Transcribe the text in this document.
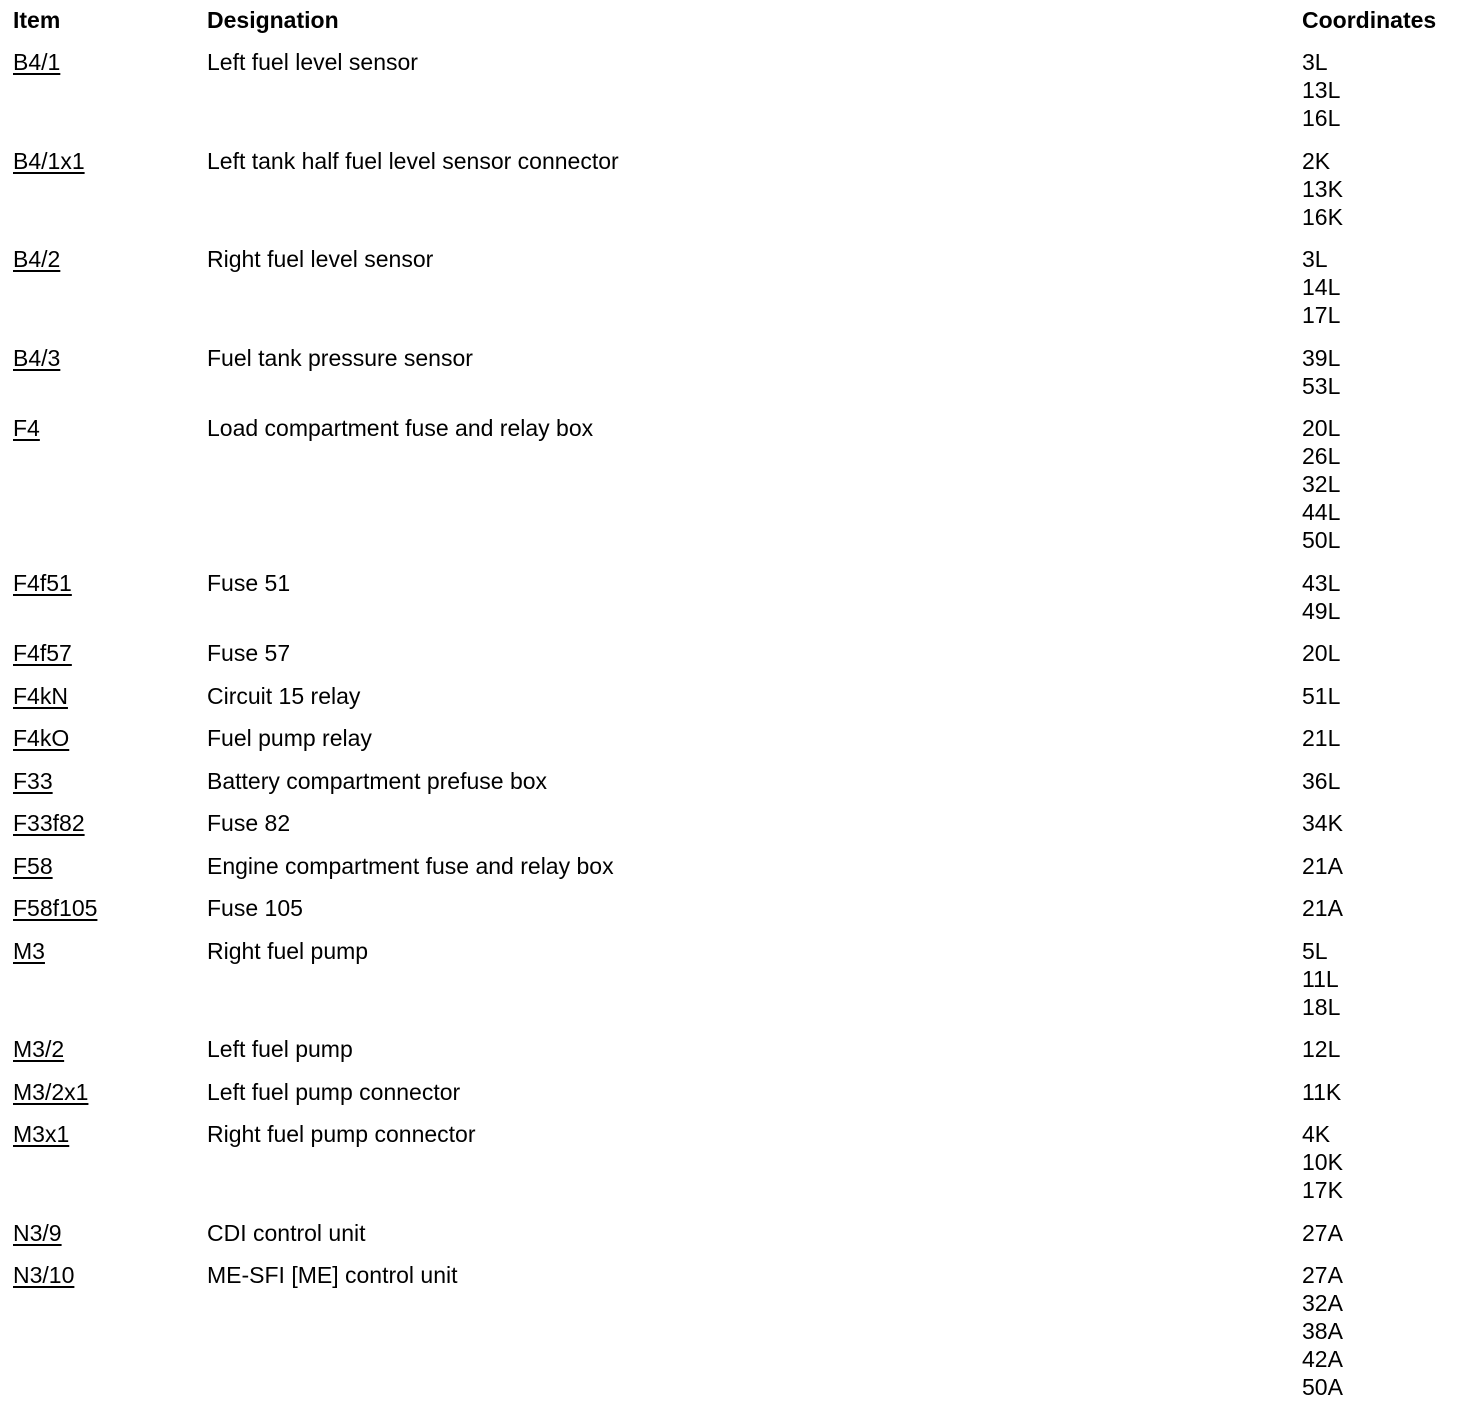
Item	Designation	Coordinates
B4/1	Left fuel level sensor	3L
13L
16L
B4/1x1	Left tank half fuel level sensor connector	2K
13K
16K
B4/2	Right fuel level sensor	3L
14L
17L
B4/3	Fuel tank pressure sensor	39L
53L
F4	Load compartment fuse and relay box	20L
26L
32L
44L
50L
F4f51	Fuse 51	43L
49L
F4f57	Fuse 57	20L
F4kN	Circuit 15 relay	51L
F4kO	Fuel pump relay	21L
F33	Battery compartment prefuse box	36L
F33f82	Fuse 82	34K
F58	Engine compartment fuse and relay box	21A
F58f105	Fuse 105	21A
M3	Right fuel pump	5L
11L
18L
M3/2	Left fuel pump	12L
M3/2x1	Left fuel pump connector	11K
M3x1	Right fuel pump connector	4K
10K
17K
N3/9	CDI control unit	27A
N3/10	ME-SFI [ME] control unit	27A
32A
38A
42A
50A
